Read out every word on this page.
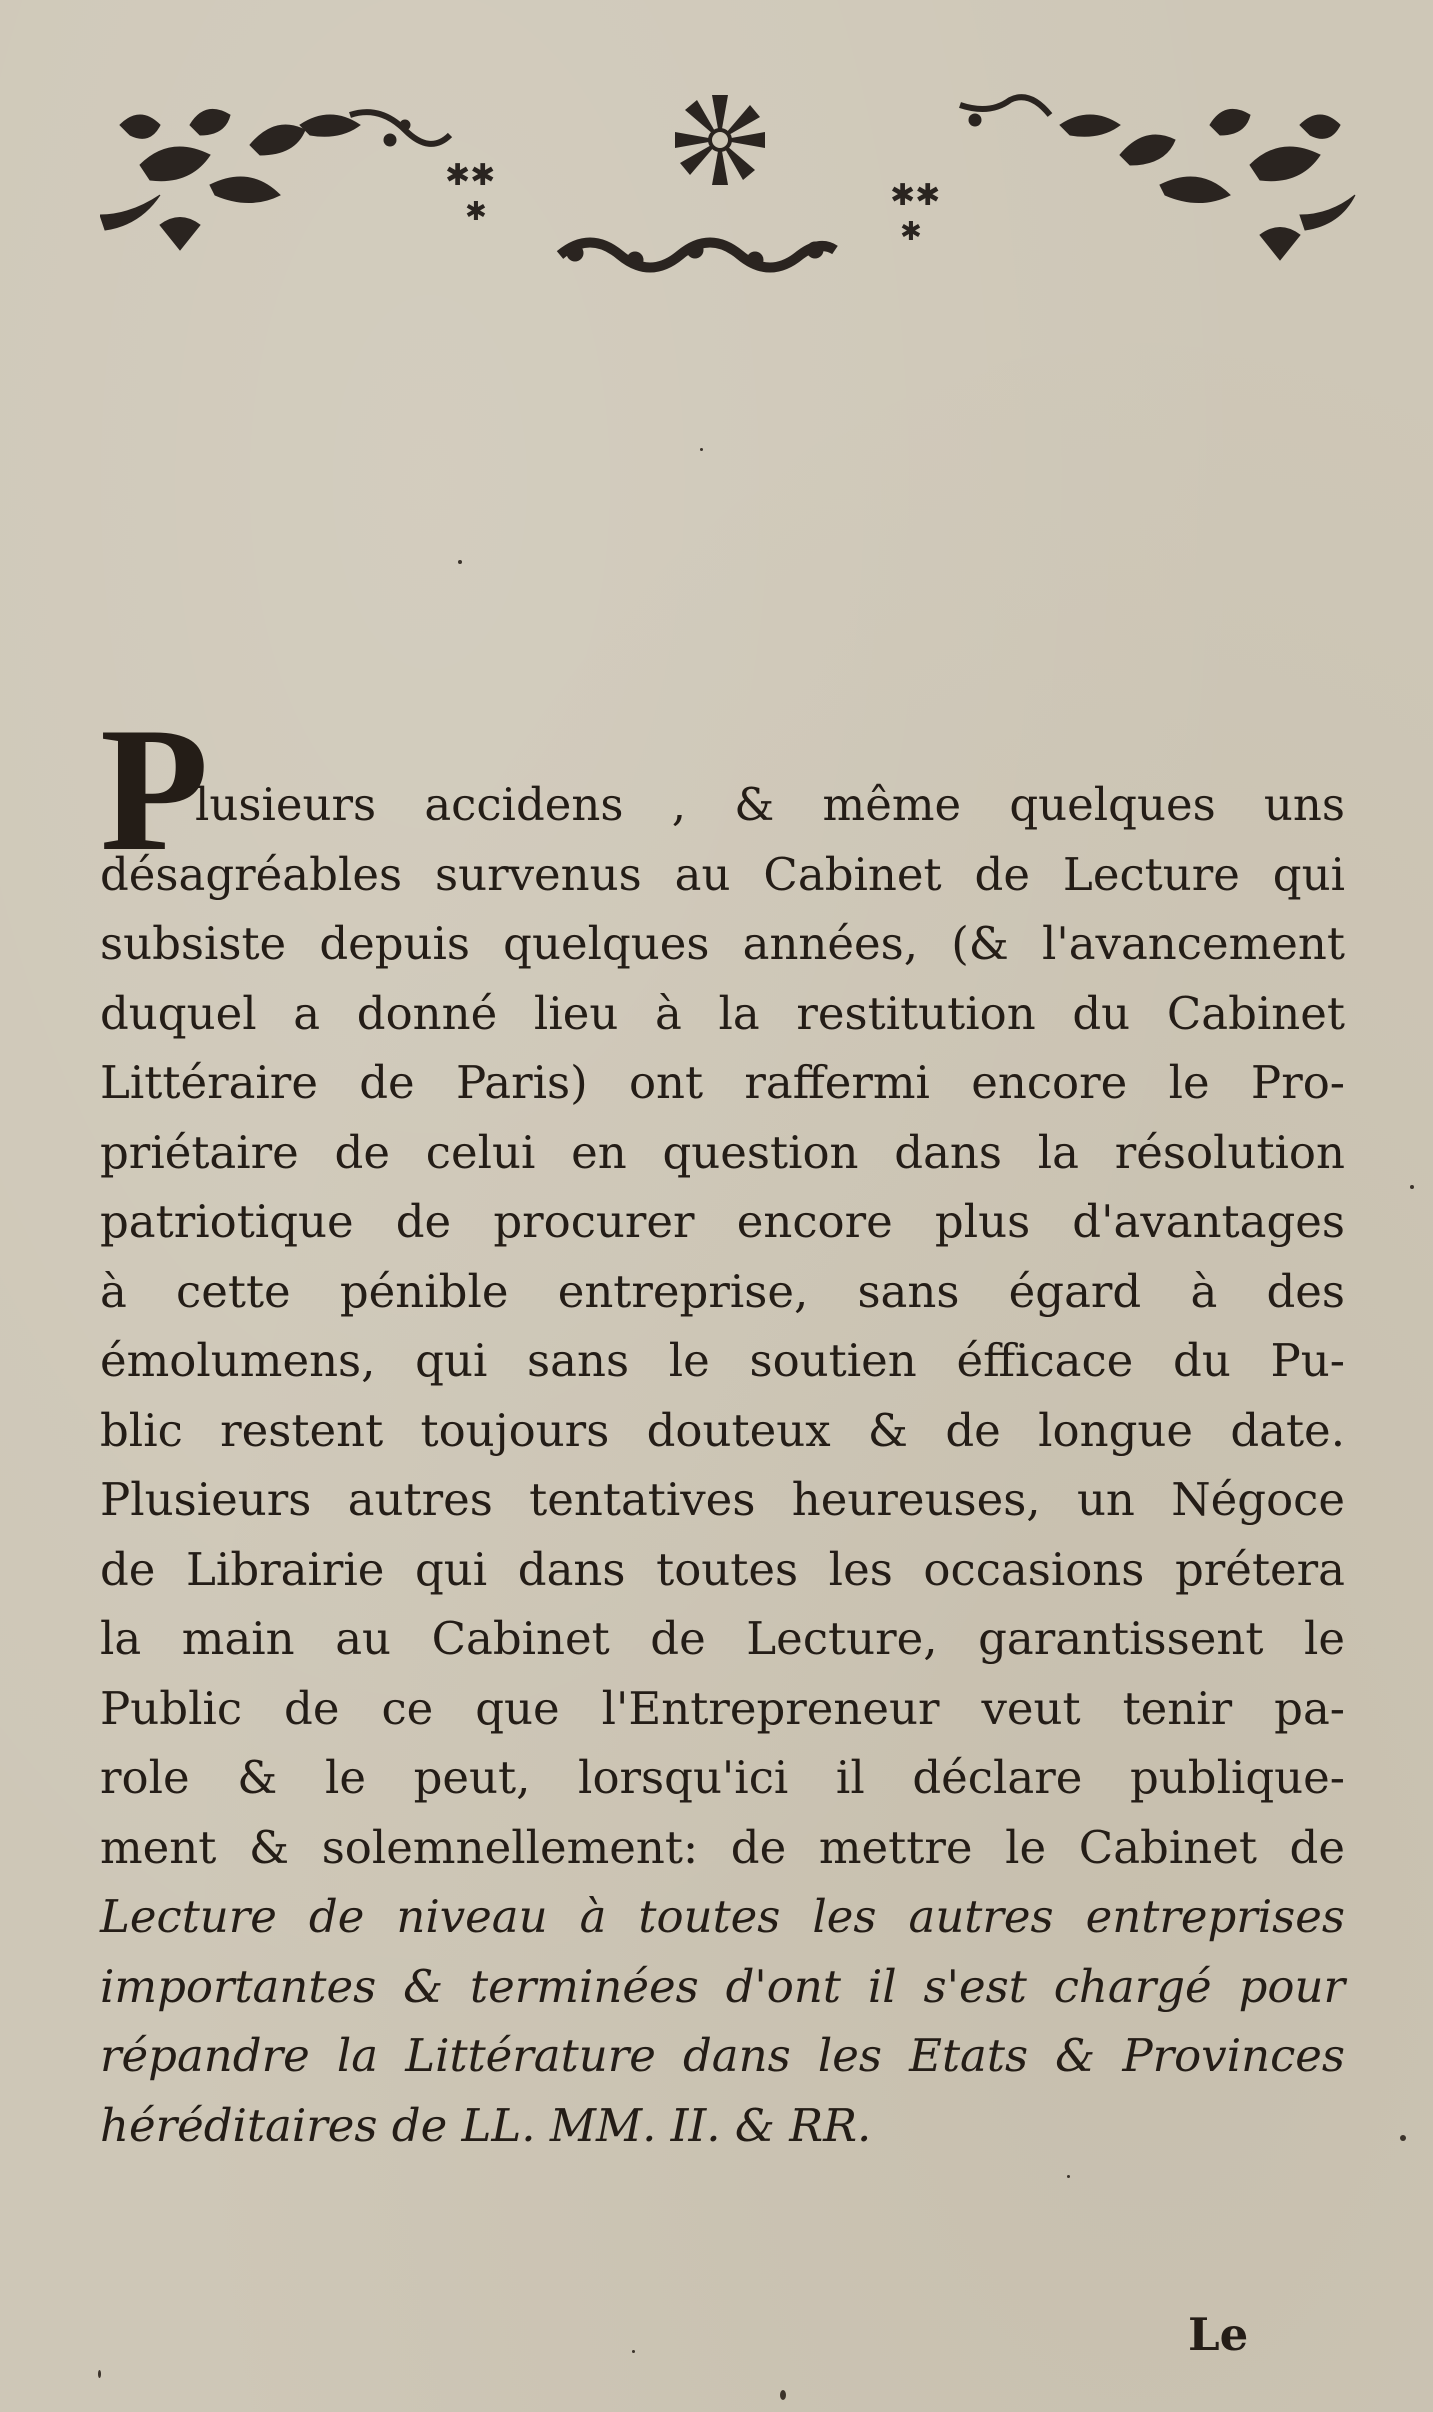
✱✱
✱	✱✱
✱
P
lusieurs accidens , & même quelques uns
désagréables survenus au Cabinet de Lecture qui
subsiste depuis quelques années, (& l'avancement
duquel a donné lieu à la restitution du Cabinet
Littéraire de Paris) ont raffermi encore le Pro-
priétaire de celui en question dans la résolution
patriotique de procurer encore plus d'avantages
à cette pénible entreprise, sans égard à des
émolumens, qui sans le soutien éfficace du Pu-
blic restent toujours douteux & de longue date.
Plusieurs autres tentatives heureuses, un Négoce
de Librairie qui dans toutes les occasions prétera
la main au Cabinet de Lecture, garantissent le
Public de ce que l'Entrepreneur veut tenir pa-
role & le peut, lorsqu'ici il déclare publique-
ment & solemnellement: de mettre le Cabinet de
Lecture de niveau à toutes les autres entreprises
importantes & terminées d'ont il s'est chargé pour
répandre la Littérature dans les Etats & Provinces
héréditaires de LL. MM. II. & RR.
Le
